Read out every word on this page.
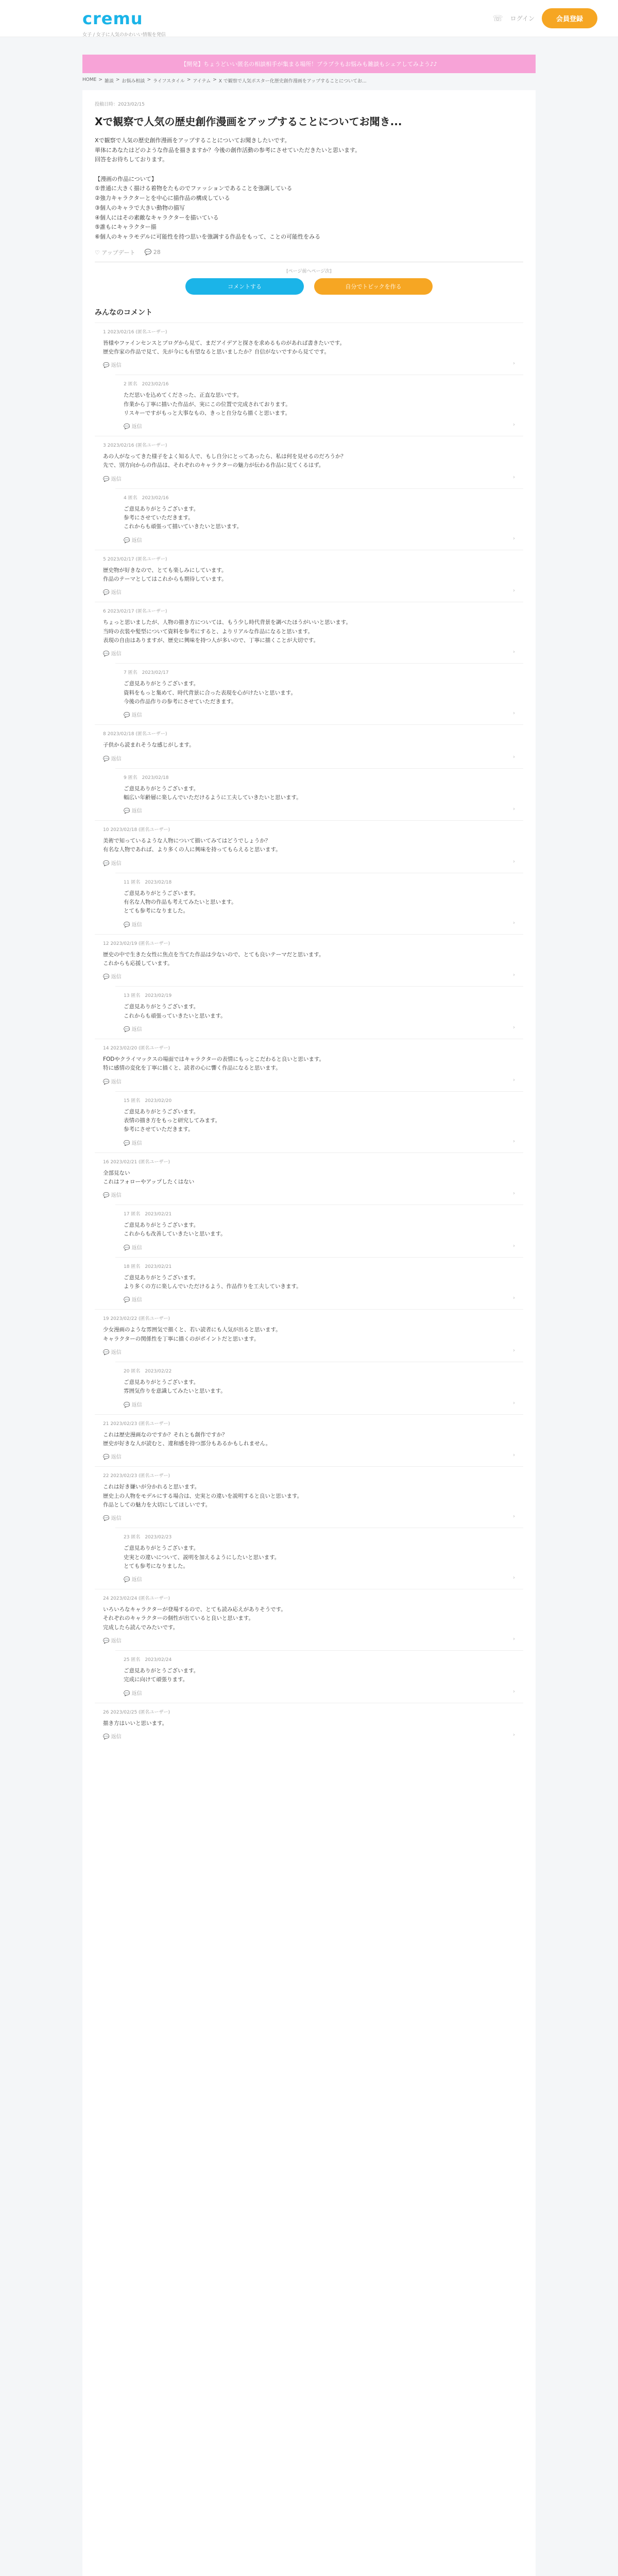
cremu
女子 / 女子に人気のかわいい情報を発信
☏ ログイン	会員登録
【開発】ちょうどいい匿名の相談相手が集まる場所！ブラブラもお悩みも雑談もシェアしてみよう♪♪
HOME > 雑談 > お悩み相談 > ライフスタイル > アイテム > X で観察で人気ポスター化歴史創作漫画をアップすることについてお...
投稿日時：2023/02/15
Xで観察で人気の歴史創作漫画をアップすることについてお聞き...
Xで観察で人気の歴史創作漫画をアップすることについてお聞きしたいです。
単体にあなたはどのような作品を描きますか？今後の創作活動の参考にさせていただきたいと思います。
回答をお待ちしております。

【漫画の作品について】
①普通に大きく描ける着物をたものでファッションであることを強調している
②強力キャラクターとを中心に描作品の構成している
③個人のキャラで大きい動物の描写
④個人にはその素敵なキャラクターを描いている
⑤誰もにキャラクター描
⑥個人のキャラモデルに可能性を持つ思いを強調する作品をもって、ことの可能性をみる
♡ アップデート 💬 28
[ページ前へページ次]
コメントする	自分でトピックを作る
みんなのコメント
1 2023/02/16 (匿名ユーザー)
皆様やファインセンスとブログから見て、まだアイデアと探さを求めるものがあれば書きたいです。
歴史作家の作品で見て、先が今にも有望なると思いましたか？自信がないですから見てです。
💬 返信	›
2 匿名　2023/02/16
ただ思いを込めてくださった、正直な思いです。
作業から丁寧に描いた作品が、実にこの位置で完成されております。
リスキーですがもっと大事なもの、きっと自分なら描くと思います。
💬 返信	›
3 2023/02/16 (匿名ユーザー)
あの人がなってきた様子をよく知る人で、もし自分にとってあったら、私は何を見せるのだろうか？
先で、別方向からの作品は、それぞれのキャラクターの魅力が伝わる作品に見てくるはず。
💬 返信	›
4 匿名　2023/02/16
ご意見ありがとうございます。
参考にさせていただきます。
これからも頑張って描いていきたいと思います。
💬 返信	›
5 2023/02/17 (匿名ユーザー)
歴史物が好きなので、とても楽しみにしています。
作品のテーマとしてはこれからも期待しています。
💬 返信	›
6 2023/02/17 (匿名ユーザー)
ちょっと思いましたが、人物の描き方については、もう少し時代背景を調べたほうがいいと思います。
当時の衣装や髪型について資料を参考にすると、よりリアルな作品になると思います。
表現の自由はありますが、歴史に興味を持つ人が多いので、丁寧に描くことが大切です。
💬 返信	›
7 匿名　2023/02/17
ご意見ありがとうございます。
資料をもっと集めて、時代背景に合った表現を心がけたいと思います。
今後の作品作りの参考にさせていただきます。
💬 返信	›
8 2023/02/18 (匿名ユーザー)
子供から読まれそうな感じがします。
💬 返信	›
9 匿名　2023/02/18
ご意見ありがとうございます。
幅広い年齢層に楽しんでいただけるように工夫していきたいと思います。
💬 返信	›
10 2023/02/18 (匿名ユーザー)
美術で知っているような人物について描いてみてはどうでしょうか？
有名な人物であれば、より多くの人に興味を持ってもらえると思います。
💬 返信	›
11 匿名　2023/02/18
ご意見ありがとうございます。
有名な人物の作品も考えてみたいと思います。
とても参考になりました。
💬 返信	›
12 2023/02/19 (匿名ユーザー)
歴史の中で生きた女性に焦点を当てた作品は少ないので、とても良いテーマだと思います。
これからも応援しています。
💬 返信	›
13 匿名　2023/02/19
ご意見ありがとうございます。
これからも頑張っていきたいと思います。
💬 返信	›
14 2023/02/20 (匿名ユーザー)
FODやクライマックスの場面ではキャラクターの表情にもっとこだわると良いと思います。
特に感情の変化を丁寧に描くと、読者の心に響く作品になると思います。
💬 返信	›
15 匿名　2023/02/20
ご意見ありがとうございます。
表情の描き方をもっと研究してみます。
参考にさせていただきます。
💬 返信	›
16 2023/02/21 (匿名ユーザー)
全部見ない
これはフォローやアップしたくはない
💬 返信	›
17 匿名　2023/02/21
ご意見ありがとうございます。
これからも改善していきたいと思います。
💬 返信	›
18 匿名　2023/02/21
ご意見ありがとうございます。
より多くの方に楽しんでいただけるよう、作品作りを工夫していきます。
💬 返信	›
19 2023/02/22 (匿名ユーザー)
少女漫画のような雰囲気で描くと、若い読者にも人気が出ると思います。
キャラクターの関係性を丁寧に描くのがポイントだと思います。
💬 返信	›
20 匿名　2023/02/22
ご意見ありがとうございます。
雰囲気作りを意識してみたいと思います。
💬 返信	›
21 2023/02/23 (匿名ユーザー)
これは歴史漫画なのですか？それとも創作ですか？
歴史が好きな人が読むと、違和感を持つ部分もあるかもしれません。
💬 返信	›
22 2023/02/23 (匿名ユーザー)
これは好き嫌いが分かれると思います。
歴史上の人物をモデルにする場合は、史実との違いを説明すると良いと思います。
作品としての魅力を大切にしてほしいです。
💬 返信	›
23 匿名　2023/02/23
ご意見ありがとうございます。
史実との違いについて、説明を加えるようにしたいと思います。
とても参考になりました。
💬 返信	›
24 2023/02/24 (匿名ユーザー)
いろいろなキャラクターが登場するので、とても読み応えがありそうです。
それぞれのキャラクターの個性が出ていると良いと思います。
完成したら読んでみたいです。
💬 返信	›
25 匿名　2023/02/24
ご意見ありがとうございます。
完成に向けて頑張ります。
💬 返信	›
26 2023/02/25 (匿名ユーザー)
描き方はいいと思います。
💬 返信	›
